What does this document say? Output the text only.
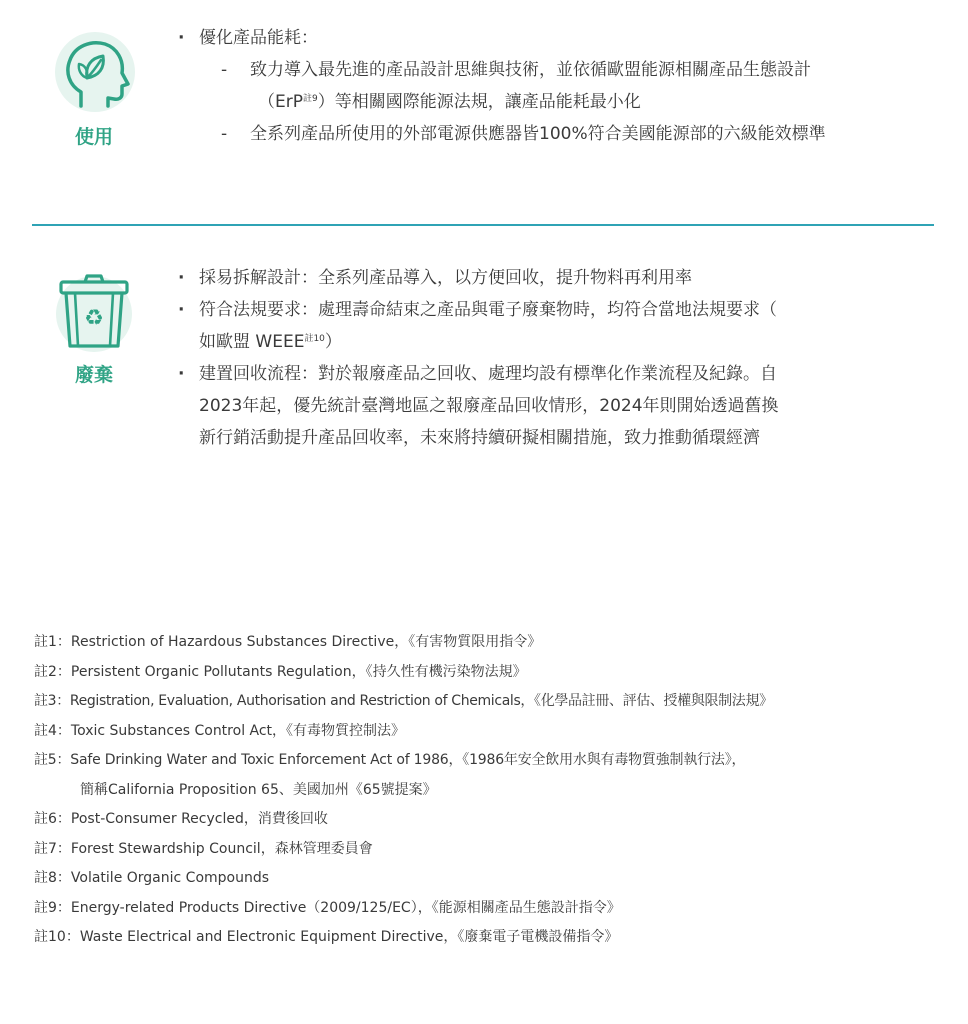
使用
· 優化產品能耗：
- 致力導入最先進的產品設計思維與技術，並依循歐盟能源相關產品生態設計
（ErP$^{註9}$）等相關國際能源法規，讓產品能耗最小化
- 全系列產品所使用的外部電源供應器皆100%符合美國能源部的六級能效標準
♻
廢棄
· 採易拆解設計：全系列產品導入，以方便回收，提升物料再利用率
· 符合法規要求：處理壽命結束之產品與電子廢棄物時，均符合當地法規要求（
如歐盟 $WEEE^{註10}$）
· 建置回收流程：對於報廢產品之回收、處理均設有標準化作業流程及紀錄。自
2023年起，優先統計臺灣地區之報廢產品回收情形，2024年則開始透過舊換
新行銷活動提升產品回收率，未來將持續研擬相關措施，致力推動循環經濟
註1：Restriction of Hazardous Substances Directive，《有害物質限用指令》
註2：Persistent Organic Pollutants Regulation，《持久性有機污染物法規》
註3：Registration, Evaluation, Authorisation and Restriction of Chemicals，《化學品註冊、評估、授權與限制法規》
註4：Toxic Substances Control Act，《有毒物質控制法》
註5：Safe Drinking Water and Toxic Enforcement Act of 1986，《1986年安全飲用水與有毒物質強制執行法》，
簡稱California Proposition 65、美國加州《65號提案》
註6：Post-Consumer Recycled，消費後回收
註7：Forest Stewardship Council，森林管理委員會
註8：Volatile Organic Compounds
註9：Energy-related Products Directive（2009/125/EC），《能源相關產品生態設計指令》
註10：Waste Electrical and Electronic Equipment Directive，《廢棄電子電機設備指令》
